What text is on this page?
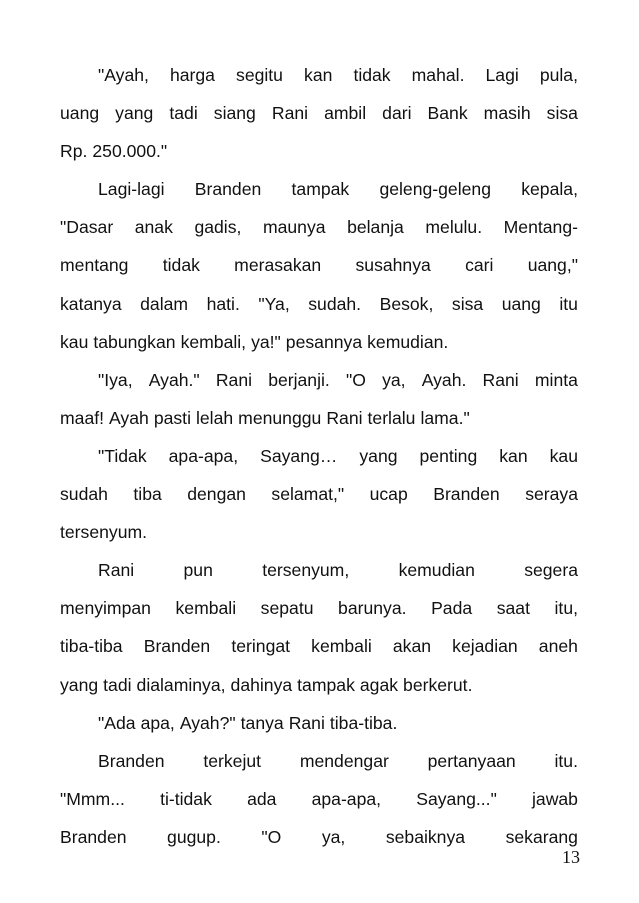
"Ayah, harga segitu kan tidak mahal. Lagi pula,
uang yang tadi siang Rani ambil dari Bank masih sisa
Rp. 250.000."
Lagi-lagi Branden tampak geleng-geleng kepala,
"Dasar anak gadis, maunya belanja melulu. Mentang-
mentang tidak merasakan susahnya cari uang,"
katanya dalam hati. "Ya, sudah. Besok, sisa uang itu
kau tabungkan kembali, ya!" pesannya kemudian.
"Iya, Ayah." Rani berjanji. "O ya, Ayah. Rani minta
maaf! Ayah pasti lelah menunggu Rani terlalu lama."
"Tidak apa-apa, Sayang… yang penting kan kau
sudah tiba dengan selamat," ucap Branden seraya
tersenyum.
Rani	pun	tersenyum,	kemudian	segera
menyimpan kembali sepatu barunya. Pada saat itu,
tiba-tiba Branden teringat kembali akan kejadian aneh
yang tadi dialaminya, dahinya tampak agak berkerut.
"Ada apa, Ayah?" tanya Rani tiba-tiba.
Branden terkejut mendengar pertanyaan itu.
"Mmm... ti-tidak ada apa-apa, Sayang..." jawab
Branden gugup. "O ya, sebaiknya sekarang
13
